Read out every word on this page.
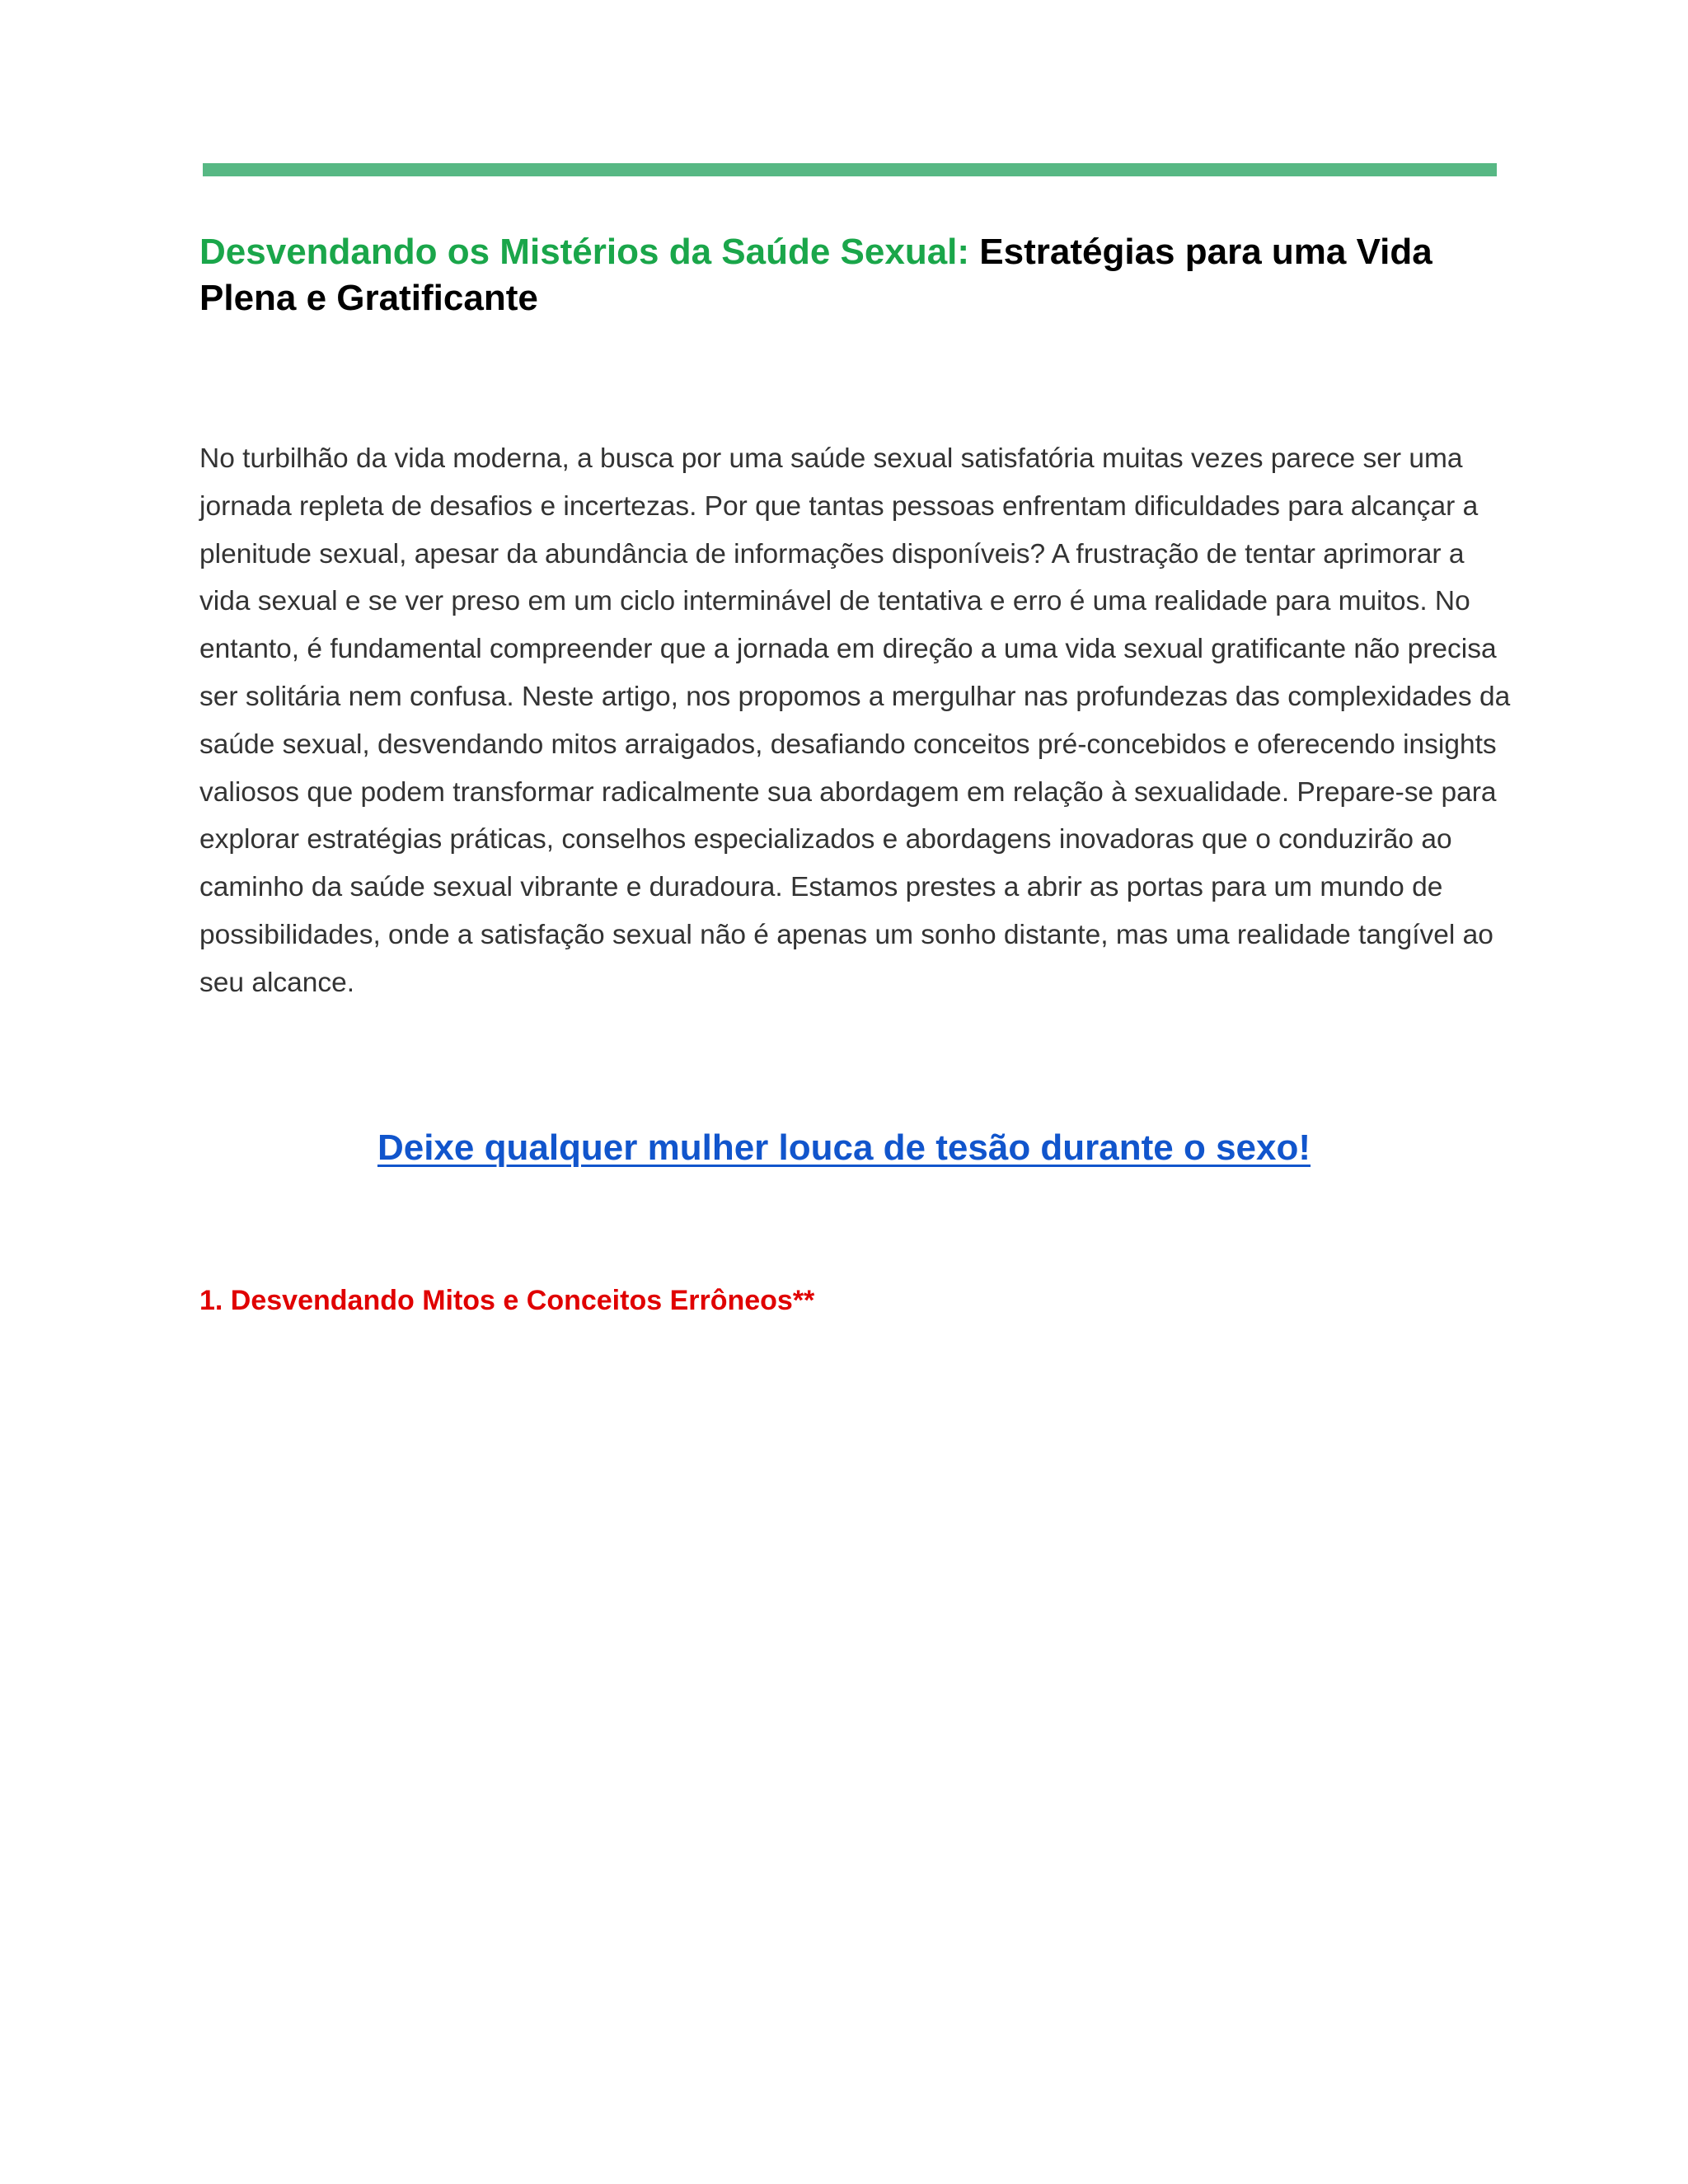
Desvendando os Mistérios da Saúde Sexual: Estratégias para uma Vida Plena e Gratificante

No turbilhão da vida moderna, a busca por uma saúde sexual satisfatória muitas vezes parece ser uma jornada repleta de desafios e incertezas. Por que tantas pessoas enfrentam dificuldades para alcançar a plenitude sexual, apesar da abundância de informações disponíveis? A frustração de tentar aprimorar a vida sexual e se ver preso em um ciclo interminável de tentativa e erro é uma realidade para muitos. No entanto, é fundamental compreender que a jornada em direção a uma vida sexual gratificante não precisa ser solitária nem confusa. Neste artigo, nos propomos a mergulhar nas profundezas das complexidades da saúde sexual, desvendando mitos arraigados, desafiando conceitos pré-concebidos e oferecendo insights valiosos que podem transformar radicalmente sua abordagem em relação à sexualidade. Prepare-se para explorar estratégias práticas, conselhos especializados e abordagens inovadoras que o conduzirão ao caminho da saúde sexual vibrante e duradoura. Estamos prestes a abrir as portas para um mundo de possibilidades, onde a satisfação sexual não é apenas um sonho distante, mas uma realidade tangível ao seu alcance.

Deixe qualquer mulher louca de tesão durante o sexo!

1. Desvendando Mitos e Conceitos Errôneos**
